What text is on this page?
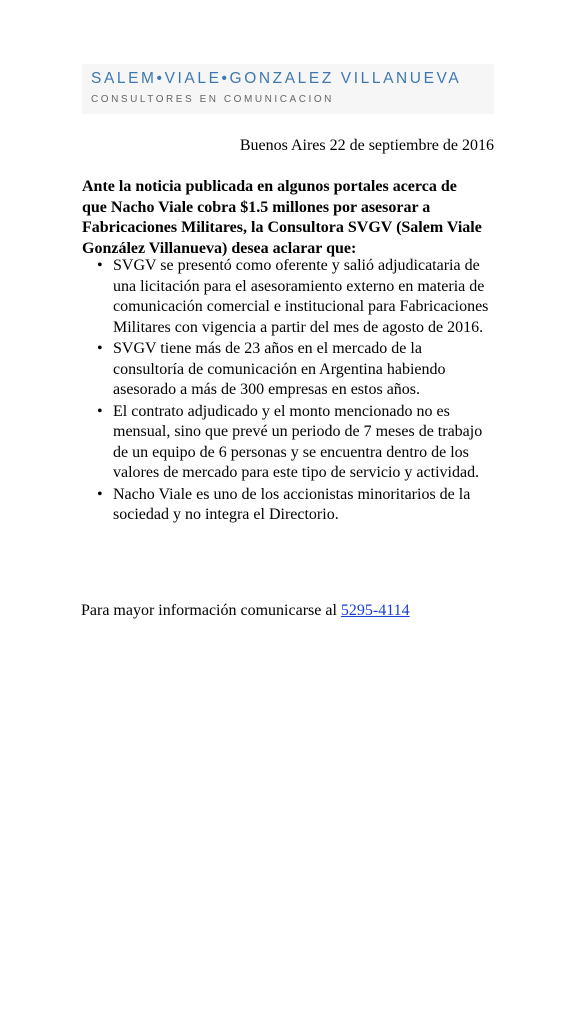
SALEM•VIALE•GONZALEZ VILLANUEVA
CONSULTORES EN COMUNICACION
Buenos Aires 22 de septiembre de 2016

Ante la noticia publicada en algunos portales acerca de que Nacho Viale cobra $1.5 millones por asesorar a Fabricaciones Militares, la Consultora SVGV (Salem Viale González Villanueva) desea aclarar que:

• SVGV se presentó como oferente y salió adjudicataria de una licitación para el asesoramiento externo en materia de comunicación comercial e institucional para Fabricaciones Militares con vigencia a partir del mes de agosto de 2016.
• SVGV tiene más de 23 años en el mercado de la consultoría de comunicación en Argentina habiendo asesorado a más de 300 empresas en estos años.
• El contrato adjudicado y el monto mencionado no es mensual, sino que prevé un periodo de 7 meses de trabajo de un equipo de 6 personas y se encuentra dentro de los valores de mercado para este tipo de servicio y actividad.
• Nacho Viale es uno de los accionistas minoritarios de la sociedad y no integra el Directorio.
Para mayor información comunicarse al 5295-4114
